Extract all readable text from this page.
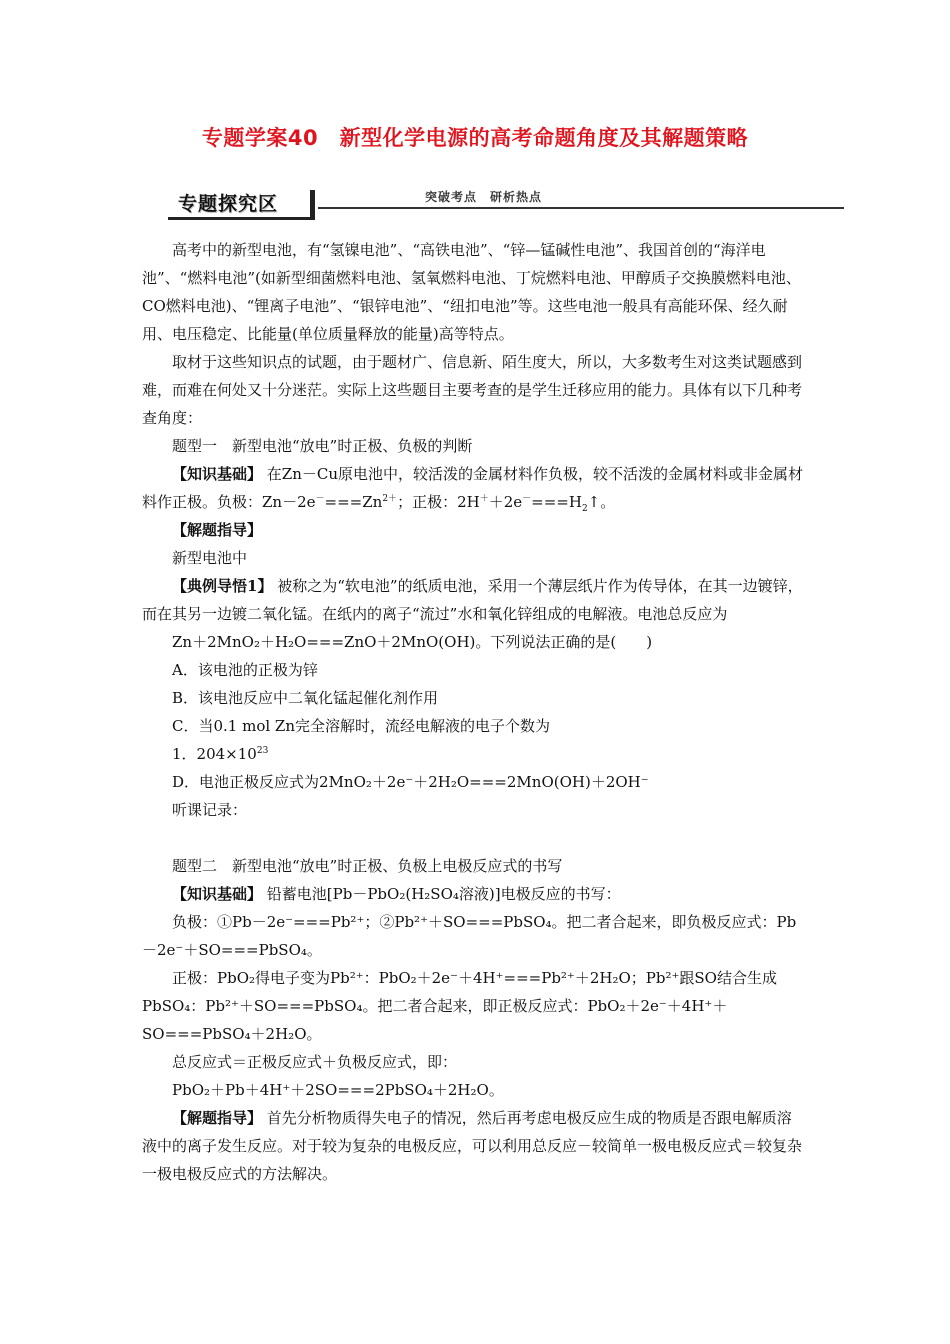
专题学案40　新型化学电源的高考命题角度及其解题策略
专题探究区	突破考点　研析热点

高考中的新型电池，有“氢镍电池”、“高铁电池”、“锌—锰碱性电池”、我国首创的“海洋电池”、“燃料电池”(如新型细菌燃料电池、氢氧燃料电池、丁烷燃料电池、甲醇质子交换膜燃料电池、CO燃料电池)、“锂离子电池”、“银锌电池”、“纽扣电池”等。这些电池一般具有高能环保、经久耐用、电压稳定、比能量(单位质量释放的能量)高等特点。

取材于这些知识点的试题，由于题材广、信息新、陌生度大，所以，大多数考生对这类试题感到难，而难在何处又十分迷茫。实际上这些题目主要考查的是学生迁移应用的能力。具体有以下几种考查角度：

题型一　新型电池“放电”时正极、负极的判断

【知识基础】 在Zn－Cu原电池中，较活泼的金属材料作负极，较不活泼的金属材料或非金属材料作正极。负极：$Zn-2e^-===Zn^{2+}$；正极：$2H^++2e^-===H_2↑$。

【解题指导】

新型电池中

【典例导悟1】 被称之为“软电池”的纸质电池，采用一个薄层纸片作为传导体，在其一边镀锌，而在其另一边镀二氧化锰。在纸内的离子“流过”水和氧化锌组成的电解液。电池总反应为

Zn＋2MnO₂＋H₂O===ZnO＋2MnO(OH)。下列说法正确的是(　　)

A．该电池的正极为锌

B．该电池反应中二氧化锰起催化剂作用

C．当0.1 mol Zn完全溶解时，流经电解液的电子个数为

1．$204\times 10^{23}$

D．电池正极反应式为2MnO₂＋2e⁻＋2H₂O===2MnO(OH)＋2OH⁻

听课记录：

题型二　新型电池“放电”时正极、负极上电极反应式的书写

【知识基础】 铅蓄电池[Pb－PbO₂(H₂SO₄溶液)]电极反应的书写：

负极：①Pb－2e⁻===Pb²⁺；②Pb²⁺＋SO===PbSO₄。把二者合起来，即负极反应式：Pb－2e⁻＋SO===PbSO₄。

正极：PbO₂得电子变为Pb²⁺：PbO₂＋2e⁻＋4H⁺===Pb²⁺＋2H₂O；Pb²⁺跟SO结合生成PbSO₄：Pb²⁺＋SO===PbSO₄。把二者合起来，即正极反应式：PbO₂＋2e⁻＋4H⁺＋SO===PbSO₄＋2H₂O。

总反应式＝正极反应式＋负极反应式，即：

PbO₂＋Pb＋4H⁺＋2SO===2PbSO₄＋2H₂O。

【解题指导】 首先分析物质得失电子的情况，然后再考虑电极反应生成的物质是否跟电解质溶液中的离子发生反应。对于较为复杂的电极反应，可以利用总反应－较简单一极电极反应式＝较复杂一极电极反应式的方法解决。
